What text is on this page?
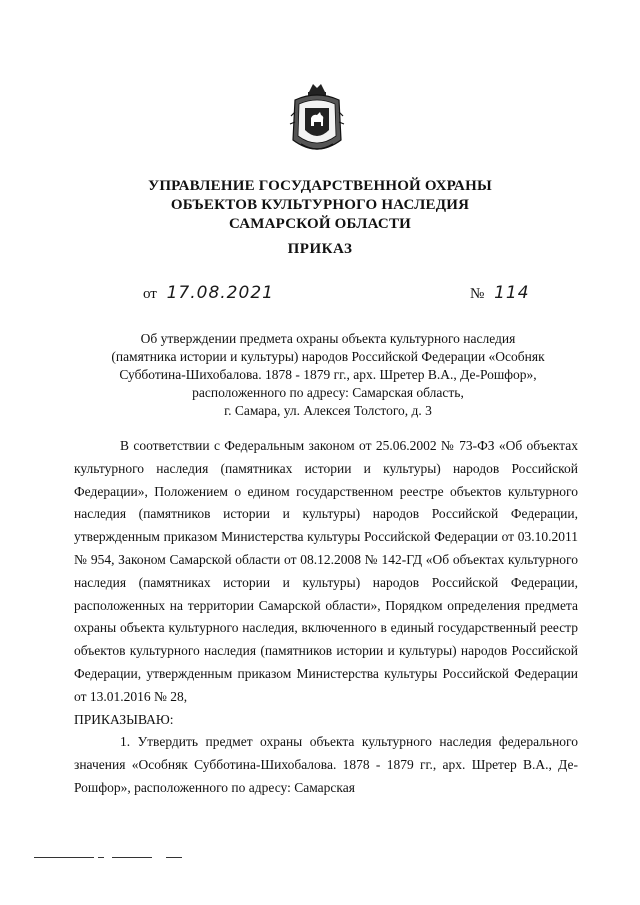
УПРАВЛЕНИЕ ГОСУДАРСТВЕННОЙ ОХРАНЫ
ОБЪЕКТОВ КУЛЬТУРНОГО НАСЛЕДИЯ
САМАРСКОЙ ОБЛАСТИ
ПРИКАЗ
от 17.08.2021	№ 114
Об утверждении предмета охраны объекта культурного наследия
(памятника истории и культуры) народов Российской Федерации «Особняк
Субботина-Шихобалова. 1878 - 1879 гг., арх. Шретер В.А., Де-Рошфор»,
расположенного по адресу: Самарская область,
г. Самара, ул. Алексея Толстого, д. 3

В соответствии с Федеральным законом от 25.06.2002 № 73-ФЗ «Об объектах культурного наследия (памятниках истории и культуры) народов Российской Федерации», Положением о едином государственном реестре объектов культурного наследия (памятников истории и культуры) народов Российской Федерации, утвержденным приказом Министерства культуры Российской Федерации от 03.10.2011 № 954, Законом Самарской области от 08.12.2008 № 142-ГД «Об объектах культурного наследия (памятниках истории и культуры) народов Российской Федерации, расположенных на территории Самарской области», Порядком определения предмета охраны объекта культурного наследия, включенного в единый государственный реестр объектов культурного наследия (памятников истории и культуры) народов Российской Федерации, утвержденным приказом Министерства культуры Российской Федерации от 13.01.2016 № 28,

ПРИКАЗЫВАЮ:

1. Утвердить предмет охраны объекта культурного наследия федерального значения «Особняк Субботина-Шихобалова. 1878 - 1879 гг., арх. Шретер В.А., Де-Рошфор», расположенного по адресу: Самарская
